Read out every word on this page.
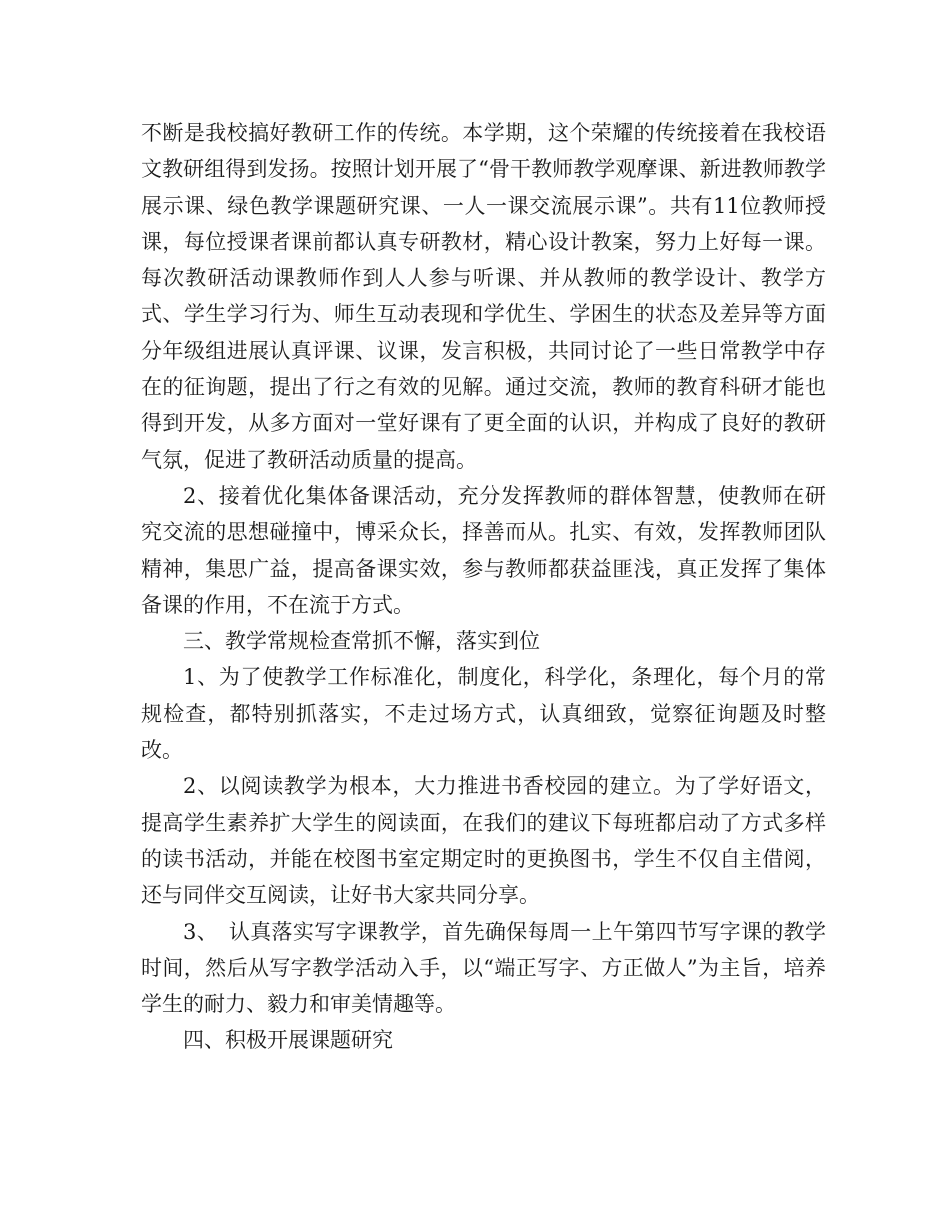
不断是我校搞好教研工作的传统。本学期，这个荣耀的传统接着在我校语文教研组得到发扬。按照计划开展了“骨干教师教学观摩课、新进教师教学展示课、绿色教学课题研究课、一人一课交流展示课”。共有11位教师授课，每位授课者课前都认真专研教材，精心设计教案，努力上好每一课。每次教研活动课教师作到人人参与听课、并从教师的教学设计、教学方式、学生学习行为、师生互动表现和学优生、学困生的状态及差异等方面分年级组进展认真评课、议课，发言积极，共同讨论了一些日常教学中存在的征询题，提出了行之有效的见解。通过交流，教师的教育科研才能也得到开发，从多方面对一堂好课有了更全面的认识，并构成了良好的教研气氛，促进了教研活动质量的提高。

2、接着优化集体备课活动，充分发挥教师的群体智慧，使教师在研究交流的思想碰撞中，博采众长，择善而从。扎实、有效，发挥教师团队精神，集思广益，提高备课实效，参与教师都获益匪浅，真正发挥了集体备课的作用，不在流于方式。

三、教学常规检查常抓不懈，落实到位

1、为了使教学工作标准化，制度化，科学化，条理化，每个月的常规检查，都特别抓落实，不走过场方式，认真细致，觉察征询题及时整改。

2、以阅读教学为根本，大力推进书香校园的建立。为了学好语文，提高学生素养扩大学生的阅读面，在我们的建议下每班都启动了方式多样的读书活动，并能在校图书室定期定时的更换图书，学生不仅自主借阅，还与同伴交互阅读，让好书大家共同分享。

3、　认真落实写字课教学，首先确保每周一上午第四节写字课的教学时间，然后从写字教学活动入手，以“端正写字、方正做人”为主旨，培养学生的耐力、毅力和审美情趣等。

四、积极开展课题研究
